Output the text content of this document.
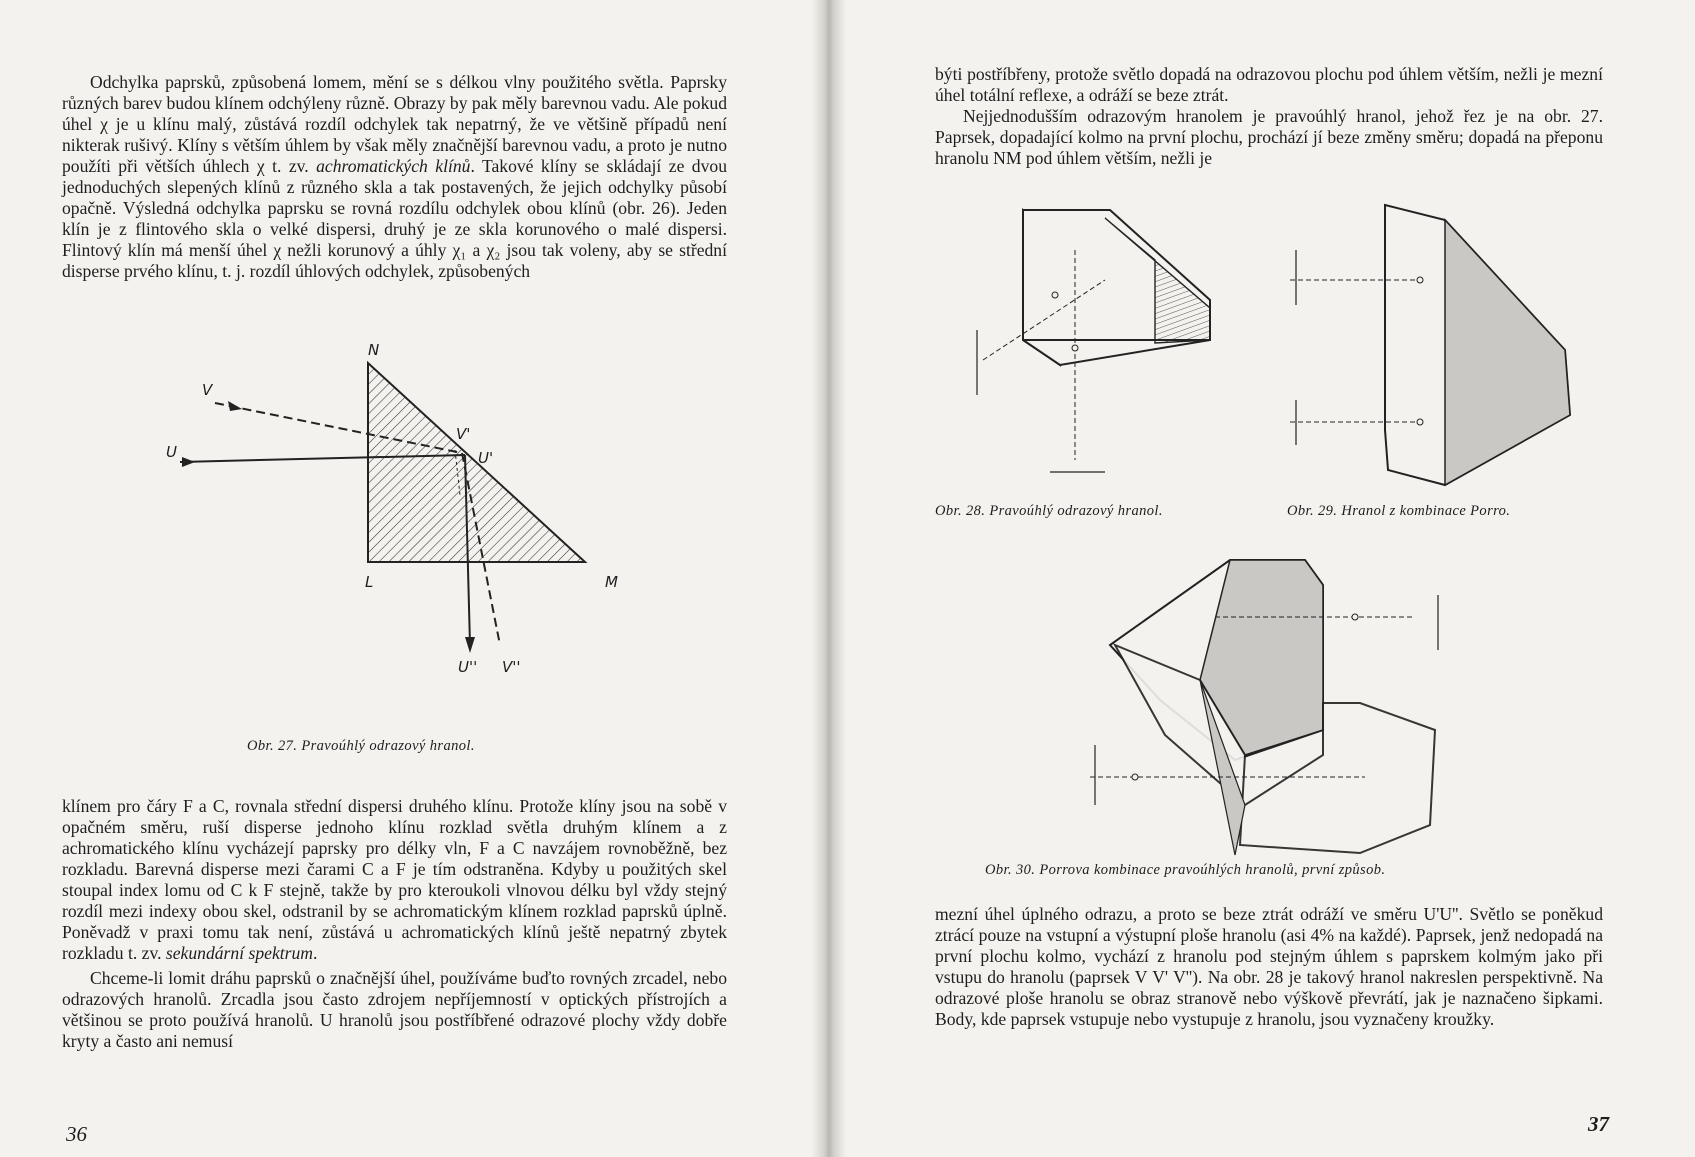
Odchylka paprsků, způsobená lomem, mění se s délkou vlny použitého světla. Paprsky různých barev budou klínem odchýleny různě. Obrazy by pak měly barevnou vadu. Ale pokud úhel χ je u klínu malý, zůstává rozdíl odchylek tak nepatrný, že ve většině případů není nikterak rušivý. Klíny s větším úhlem by však měly značnější barevnou vadu, a proto je nutno použíti při větších úhlech χ t. zv. achromatických klínů. Takové klíny se skládají ze dvou jednoduchých slepených klínů z různého skla a tak postavených, že jejich odchylky působí opačně. Výsledná odchylka paprsku se rovná rozdílu odchylek obou klínů (obr. 26). Jeden klín je z flintového skla o velké dispersi, druhý je ze skla korunového o malé dispersi. Flintový klín má menší úhel χ nežli korunový a úhly χ₁ a χ₂ jsou tak voleny, aby se střední disperse prvého klínu, t. j. rozdíl úhlových odchylek, způsobených

N
V
U
V'
U'
L	M
U'' V''
Obr. 27. Pravoúhlý odrazový hranol.

klínem pro čáry F a C, rovnala střední dispersi druhého klínu. Protože klíny jsou na sobě v opačném směru, ruší disperse jednoho klínu rozklad světla druhým klínem a z achromatického klínu vycházejí paprsky pro délky vln, F a C navzájem rovnoběžně, bez rozkladu. Barevná disperse mezi čarami C a F je tím odstraněna. Kdyby u použitých skel stoupal index lomu od C k F stejně, takže by pro kteroukoli vlnovou délku byl vždy stejný rozdíl mezi indexy obou skel, odstranil by se achromatickým klínem rozklad paprsků úplně. Poněvadž v praxi tomu tak není, zůstává u achromatických klínů ještě nepatrný zbytek rozkladu t. zv. sekundární spektrum.

Chceme-li lomit dráhu paprsků o značnější úhel, používáme buďto rovných zrcadel, nebo odrazových hranolů. Zrcadla jsou často zdrojem nepříjemností v optických přístrojích a většinou se proto používá hranolů. U hranolů jsou postříbřené odrazové plochy vždy dobře kryty a často ani nemusí

36

býti postříbřeny, protože světlo dopadá na odrazovou plochu pod úhlem větším, nežli je mezní úhel totální reflexe, a odráží se beze ztrát.

Nejjednodušším odrazovým hranolem je pravoúhlý hranol, jehož řez je na obr. 27. Paprsek, dopadající kolmo na první plochu, prochází jí beze změny směru; dopadá na přeponu hranolu NM pod úhlem větším, nežli je

Obr. 28. Pravoúhlý odrazový hranol.	Obr. 29. Hranol z kombinace Porro.
Obr. 30. Porrova kombinace pravoúhlých hranolů, první způsob.

mezní úhel úplného odrazu, a proto se beze ztrát odráží ve směru U'U''. Světlo se poněkud ztrácí pouze na vstupní a výstupní ploše hranolu (asi 4% na každé). Paprsek, jenž nedopadá na první plochu kolmo, vychází z hranolu pod stejným úhlem s paprskem kolmým jako při vstupu do hranolu (paprsek V V' V''). Na obr. 28 je takový hranol nakreslen perspektivně. Na odrazové ploše hranolu se obraz stranově nebo výškově převrátí, jak je naznačeno šipkami. Body, kde paprsek vstupuje nebo vystupuje z hranolu, jsou vyznačeny kroužky.

37
